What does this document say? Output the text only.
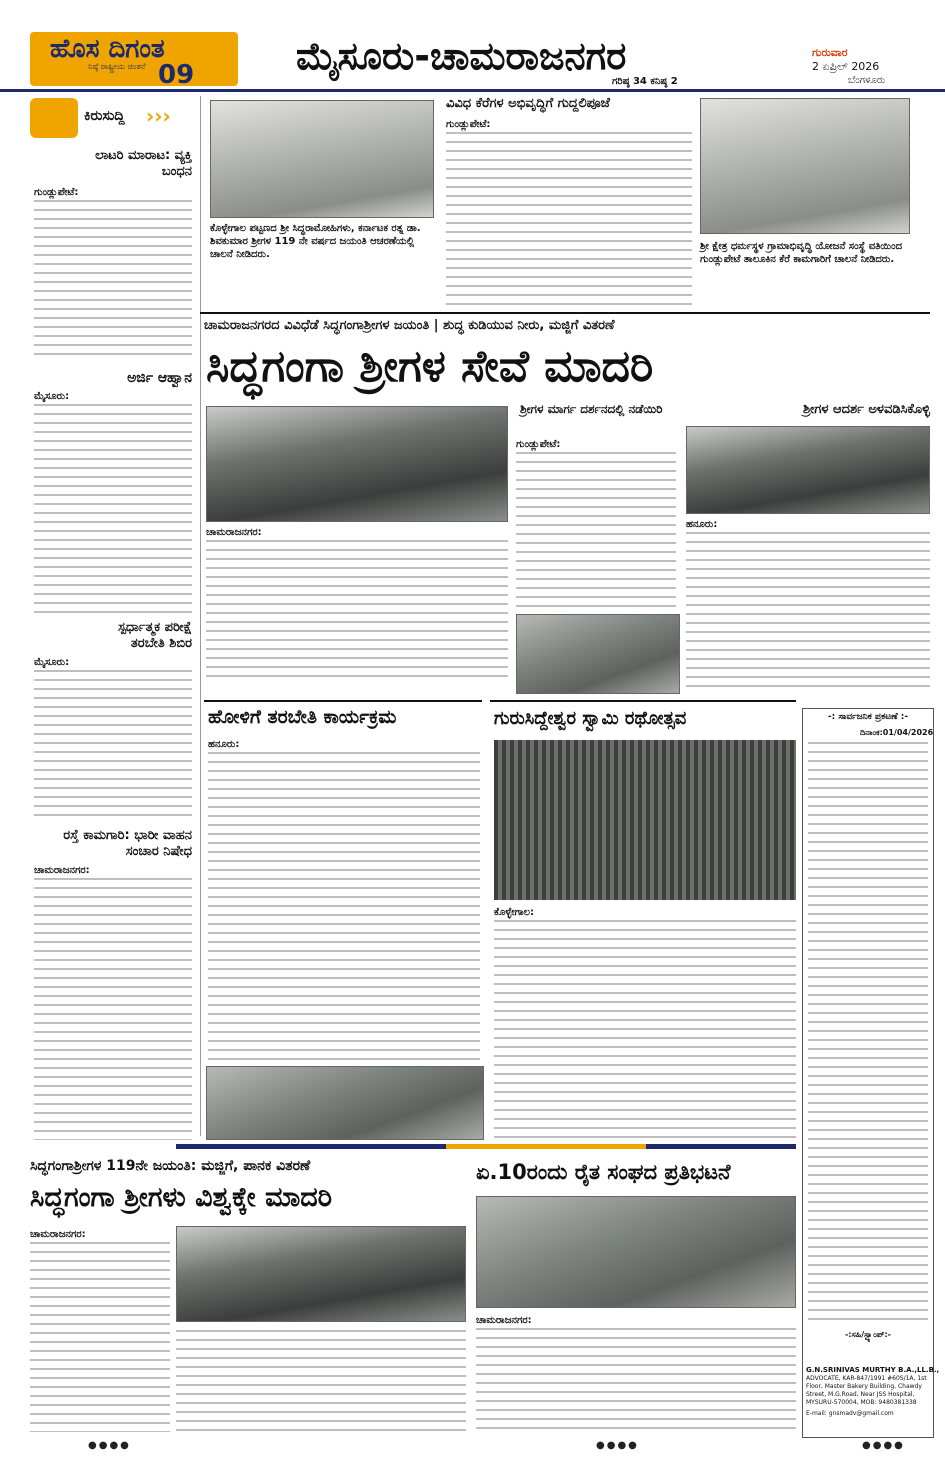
ಹೊಸ ದಿಗಂತ
ನಿಷ್ಠೆ ರಾಷ್ಟ್ರೀಯ ಚಿಂತನೆ 09	ಮೈಸೂರು-ಚಾಮರಾಜನಗರ
ಗರಿಷ್ಠ 34 ಕನಿಷ್ಠ 2
ಗುರುವಾರ
2 ಏಪ್ರಿಲ್ 2026
ಬೆಂಗಳೂರು
ಕಿರುಸುದ್ದಿ ›››
ಲಾಟರಿ ಮಾರಾಟ: ವ್ಯಕ್ತಿ ಬಂಧನ
ಗುಂಡ್ಲುಪೇಟೆ:
ಅರ್ಜಿ ಆಹ್ವಾನ
ಮೈಸೂರು:
ಸ್ಪರ್ಧಾತ್ಮಕ ಪರೀಕ್ಷೆ ತರಬೇತಿ ಶಿಬಿರ
ಮೈಸೂರು:
ರಸ್ತೆ ಕಾಮಗಾರಿ: ಭಾರೀ ವಾಹನ ಸಂಚಾರ ನಿಷೇಧ
ಚಾಮರಾಜನಗರ:
ಕೊಳ್ಳೇಗಾಲ ಪಟ್ಟಣದ ಶ್ರೀ ಸಿದ್ಧರಾಮೋಹಿಗಳು, ಕರ್ನಾಟಕ ರತ್ನ ಡಾ. ಶಿವಕುಮಾರ ಶ್ರೀಗಳ 119 ನೇ ವರ್ಷದ ಜಯಂತಿ ಆಚರಣೆಯಲ್ಲಿ ಚಾಲನೆ ನೀಡಿದರು.
ವಿವಿಧ ಕೆರೆಗಳ ಅಭಿವೃದ್ಧಿಗೆ ಗುದ್ದಲಿಪೂಜೆ
ಗುಂಡ್ಲುಪೇಟೆ:
ಶ್ರೀ ಕ್ಷೇತ್ರ ಧರ್ಮಸ್ಥಳ ಗ್ರಾಮಾಭಿವೃದ್ಧಿ ಯೋಜನೆ ಸಂಸ್ಥೆ ವತಿಯಿಂದ ಗುಂಡ್ಲುಪೇಟೆ ತಾಲೂಕಿನ ಕೆರೆ ಕಾಮಗಾರಿಗೆ ಚಾಲನೆ ನೀಡಿದರು.
ಚಾಮರಾಜನಗರದ ವಿವಿಧೆಡೆ ಸಿದ್ಧಗಂಗಾಶ್ರೀಗಳ ಜಯಂತಿ | ಶುದ್ಧ ಕುಡಿಯುವ ನೀರು, ಮಜ್ಜಿಗೆ ವಿತರಣೆ
ಸಿದ್ಧಗಂಗಾ ಶ್ರೀಗಳ ಸೇವೆ ಮಾದರಿ
ಶ್ರೀಗಳ ಮಾರ್ಗ ದರ್ಶನದಲ್ಲಿ ನಡೆಯಿರಿ	ಶ್ರೀಗಳ ಆದರ್ಶ ಅಳವಡಿಸಿಕೊಳ್ಳಿ
ಚಾಮರಾಜನಗರ:
ಗುಂಡ್ಲುಪೇಟೆ:
ಹನೂರು:
ಹೋಳಿಗೆ ತರಬೇತಿ ಕಾರ್ಯಕ್ರಮ
ಹನೂರು:
ಗುರುಸಿದ್ದೇಶ್ವರ ಸ್ವಾಮಿ ರಥೋತ್ಸವ
ಕೊಳ್ಳೇಗಾಲ:
-: ಸಾರ್ವಜನಿಕ ಪ್ರಕಟಣೆ :-
ದಿನಾಂಕ:01/04/2026
-:ಸಹಿ/ಸ್ಟ್ಯಾಂಪ್:-
G.N.SRINIVAS MURTHY B.A.,LL.B.,
ADVOCATE, KAR-847/1991 #60S/1A, 1st
Floor, Master Bakery Building, Chawdy
Street, M.G.Road, Near JSS Hospital,
MYSURU-570004, MOB: 9480381338
E-mail: gnsmadv@gmail.com
ಸಿದ್ಧಗಂಗಾಶ್ರೀಗಳ 119ನೇ ಜಯಂತಿ: ಮಜ್ಜಿಗೆ, ಪಾನಕ ವಿತರಣೆ
ಸಿದ್ಧಗಂಗಾ ಶ್ರೀಗಳು ವಿಶ್ವಕ್ಕೇ ಮಾದರಿ
ಚಾಮರಾಜನಗರ:
ಏ.10ರಂದು ರೈತ ಸಂಘದ ಪ್ರತಿಭಟನೆ
ಚಾಮರಾಜನಗರ:
●●●●	●●●●	●●●●
